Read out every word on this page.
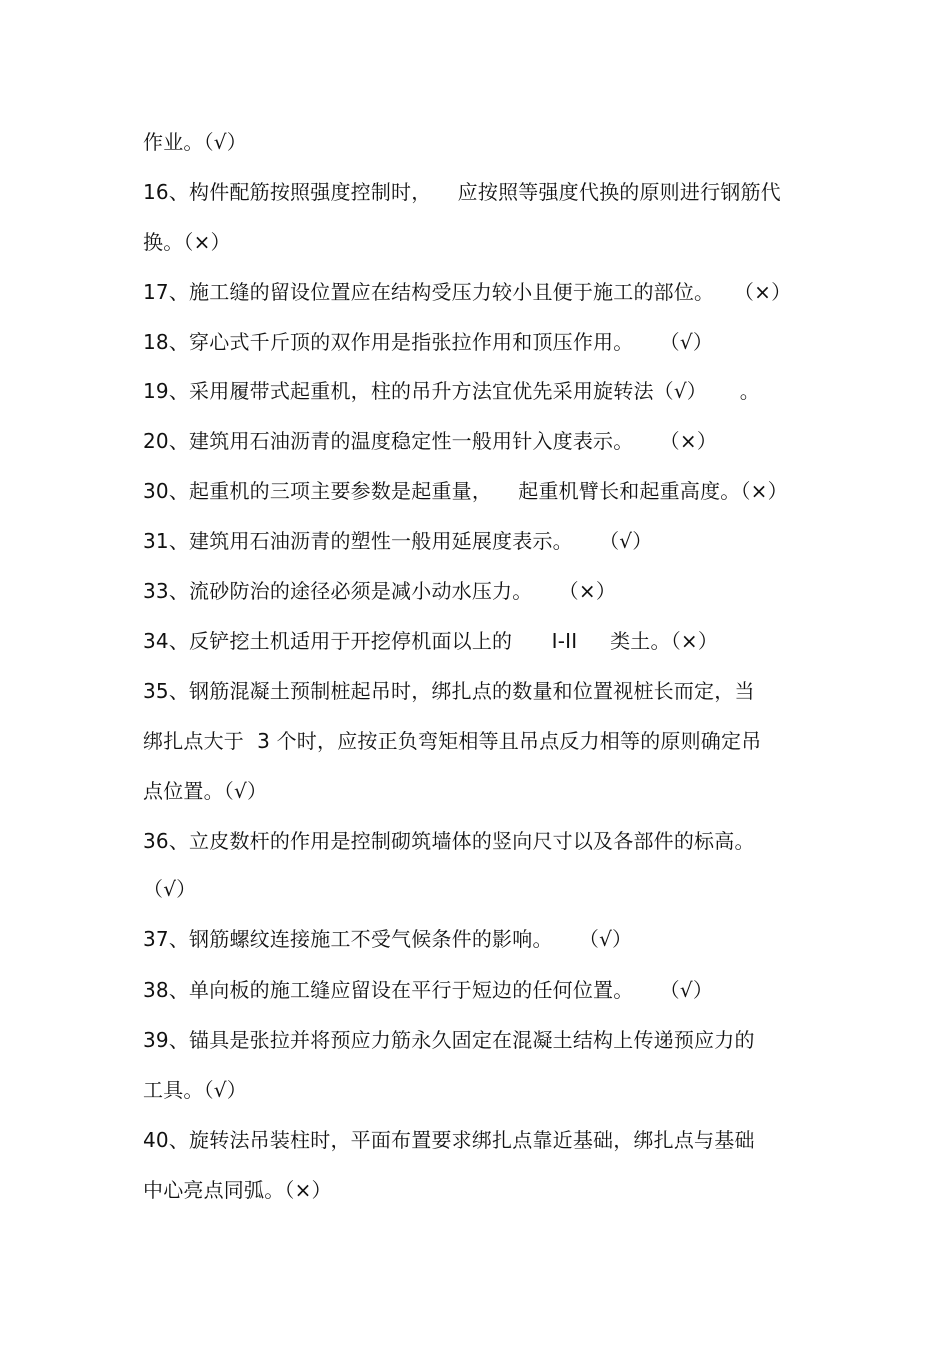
作业。（√）
16、构件配筋按照强度控制时，    应按照等强度代换的原则进行钢筋代
换。（×）
17、施工缝的留设位置应在结构受压力较小且便于施工的部位。   （×）
18、穿心式千斤顶的双作用是指张拉作用和顶压作用。    （√）
19、采用履带式起重机，柱的吊升方法宜优先采用旋转法（√）     。
20、建筑用石油沥青的温度稳定性一般用针入度表示。    （×）
30、起重机的三项主要参数是起重量，    起重机臂长和起重高度。（×）
31、建筑用石油沥青的塑性一般用延展度表示。    （√）
33、流砂防治的途径必须是减小动水压力。    （×）
34、反铲挖土机适用于开挖停机面以上的      I-II     类土。（×）
35、钢筋混凝土预制桩起吊时，绑扎点的数量和位置视桩长而定，当
绑扎点大于  3 个时，应按正负弯矩相等且吊点反力相等的原则确定吊
点位置。（√）
36、立皮数杆的作用是控制砌筑墙体的竖向尺寸以及各部件的标高。
（√）
37、钢筋螺纹连接施工不受气候条件的影响。    （√）
38、单向板的施工缝应留设在平行于短边的任何位置。    （√）
39、锚具是张拉并将预应力筋永久固定在混凝土结构上传递预应力的
工具。（√）
40、旋转法吊装柱时，平面布置要求绑扎点靠近基础，绑扎点与基础
中心亮点同弧。（×）
